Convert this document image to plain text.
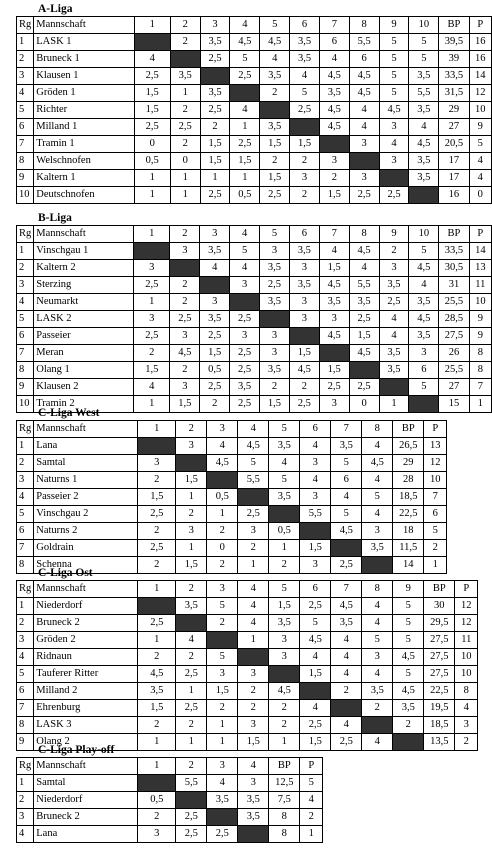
A-Liga
Rg	Mannschaft	1	2	3	4	5	6	7	8	9	10	BP	P
1	LASK 1		2	3,5	4,5	4,5	3,5	6	5,5	5	5	39,5	16
2	Bruneck 1	4		2,5	5	4	3,5	4	6	5	5	39	16
3	Klausen 1	2,5	3,5		2,5	3,5	4	4,5	4,5	5	3,5	33,5	14
4	Gröden 1	1,5	1	3,5		2	5	3,5	4,5	5	5,5	31,5	12
5	Richter	1,5	2	2,5	4		2,5	4,5	4	4,5	3,5	29	10
6	Milland 1	2,5	2,5	2	1	3,5		4,5	4	3	4	27	9
7	Tramin 1	0	2	1,5	2,5	1,5	1,5		3	4	4,5	20,5	5
8	Welschnofen	0,5	0	1,5	1,5	2	2	3		3	3,5	17	4
9	Kaltern 1	1	1	1	1	1,5	3	2	3		3,5	17	4
10	Deutschnofen	1	1	2,5	0,5	2,5	2	1,5	2,5	2,5		16	0
B-Liga
Rg	Mannschaft	1	2	3	4	5	6	7	8	9	10	BP	P
1	Vinschgau 1		3	3,5	5	3	3,5	4	4,5	2	5	33,5	14
2	Kaltern 2	3		4	4	3,5	3	1,5	4	3	4,5	30,5	13
3	Sterzing	2,5	2		3	2,5	3,5	4,5	5,5	3,5	4	31	11
4	Neumarkt	1	2	3		3,5	3	3,5	3,5	2,5	3,5	25,5	10
5	LASK 2	3	2,5	3,5	2,5		3	3	2,5	4	4,5	28,5	9
6	Passeier	2,5	3	2,5	3	3		4,5	1,5	4	3,5	27,5	9
7	Meran	2	4,5	1,5	2,5	3	1,5		4,5	3,5	3	26	8
8	Olang 1	1,5	2	0,5	2,5	3,5	4,5	1,5		3,5	6	25,5	8
9	Klausen 2	4	3	2,5	3,5	2	2	2,5	2,5		5	27	7
10	Tramin 2	1	1,5	2	2,5	1,5	2,5	3	0	1		15	1
C-Liga West
Rg	Mannschaft	1	2	3	4	5	6	7	8	BP	P
1	Lana		3	4	4,5	3,5	4	3,5	4	26,5	13
2	Samtal	3		4,5	5	4	3	5	4,5	29	12
3	Naturns 1	2	1,5		5,5	5	4	6	4	28	10
4	Passeier 2	1,5	1	0,5		3,5	3	4	5	18,5	7
5	Vinschgau 2	2,5	2	1	2,5		5,5	5	4	22,5	6
6	Naturns 2	2	3	2	3	0,5		4,5	3	18	5
7	Goldrain	2,5	1	0	2	1	1,5		3,5	11,5	2
8	Schenna	2	1,5	2	1	2	3	2,5		14	1
C-Liga Ost
Rg	Mannschaft	1	2	3	4	5	6	7	8	9	BP	P
1	Niederdorf		3,5	5	4	1,5	2,5	4,5	4	5	30	12
2	Bruneck 2	2,5		2	4	3,5	5	3,5	4	5	29,5	12
3	Gröden 2	1	4		1	3	4,5	4	5	5	27,5	11
4	Ridnaun	2	2	5		3	4	4	3	4,5	27,5	10
5	Tauferer Ritter	4,5	2,5	3	3		1,5	4	4	5	27,5	10
6	Milland 2	3,5	1	1,5	2	4,5		2	3,5	4,5	22,5	8
7	Ehrenburg	1,5	2,5	2	2	2	4		2	3,5	19,5	4
8	LASK 3	2	2	1	3	2	2,5	4		2	18,5	3
9	Olang 2	1	1	1	1,5	1	1,5	2,5	4		13,5	2
C-Liga Play-off
Rg	Mannschaft	1	2	3	4	BP	P
1	Samtal		5,5	4	3	12,5	5
2	Niederdorf	0,5		3,5	3,5	7,5	4
3	Bruneck 2	2	2,5		3,5	8	2
4	Lana	3	2,5	2,5		8	1
